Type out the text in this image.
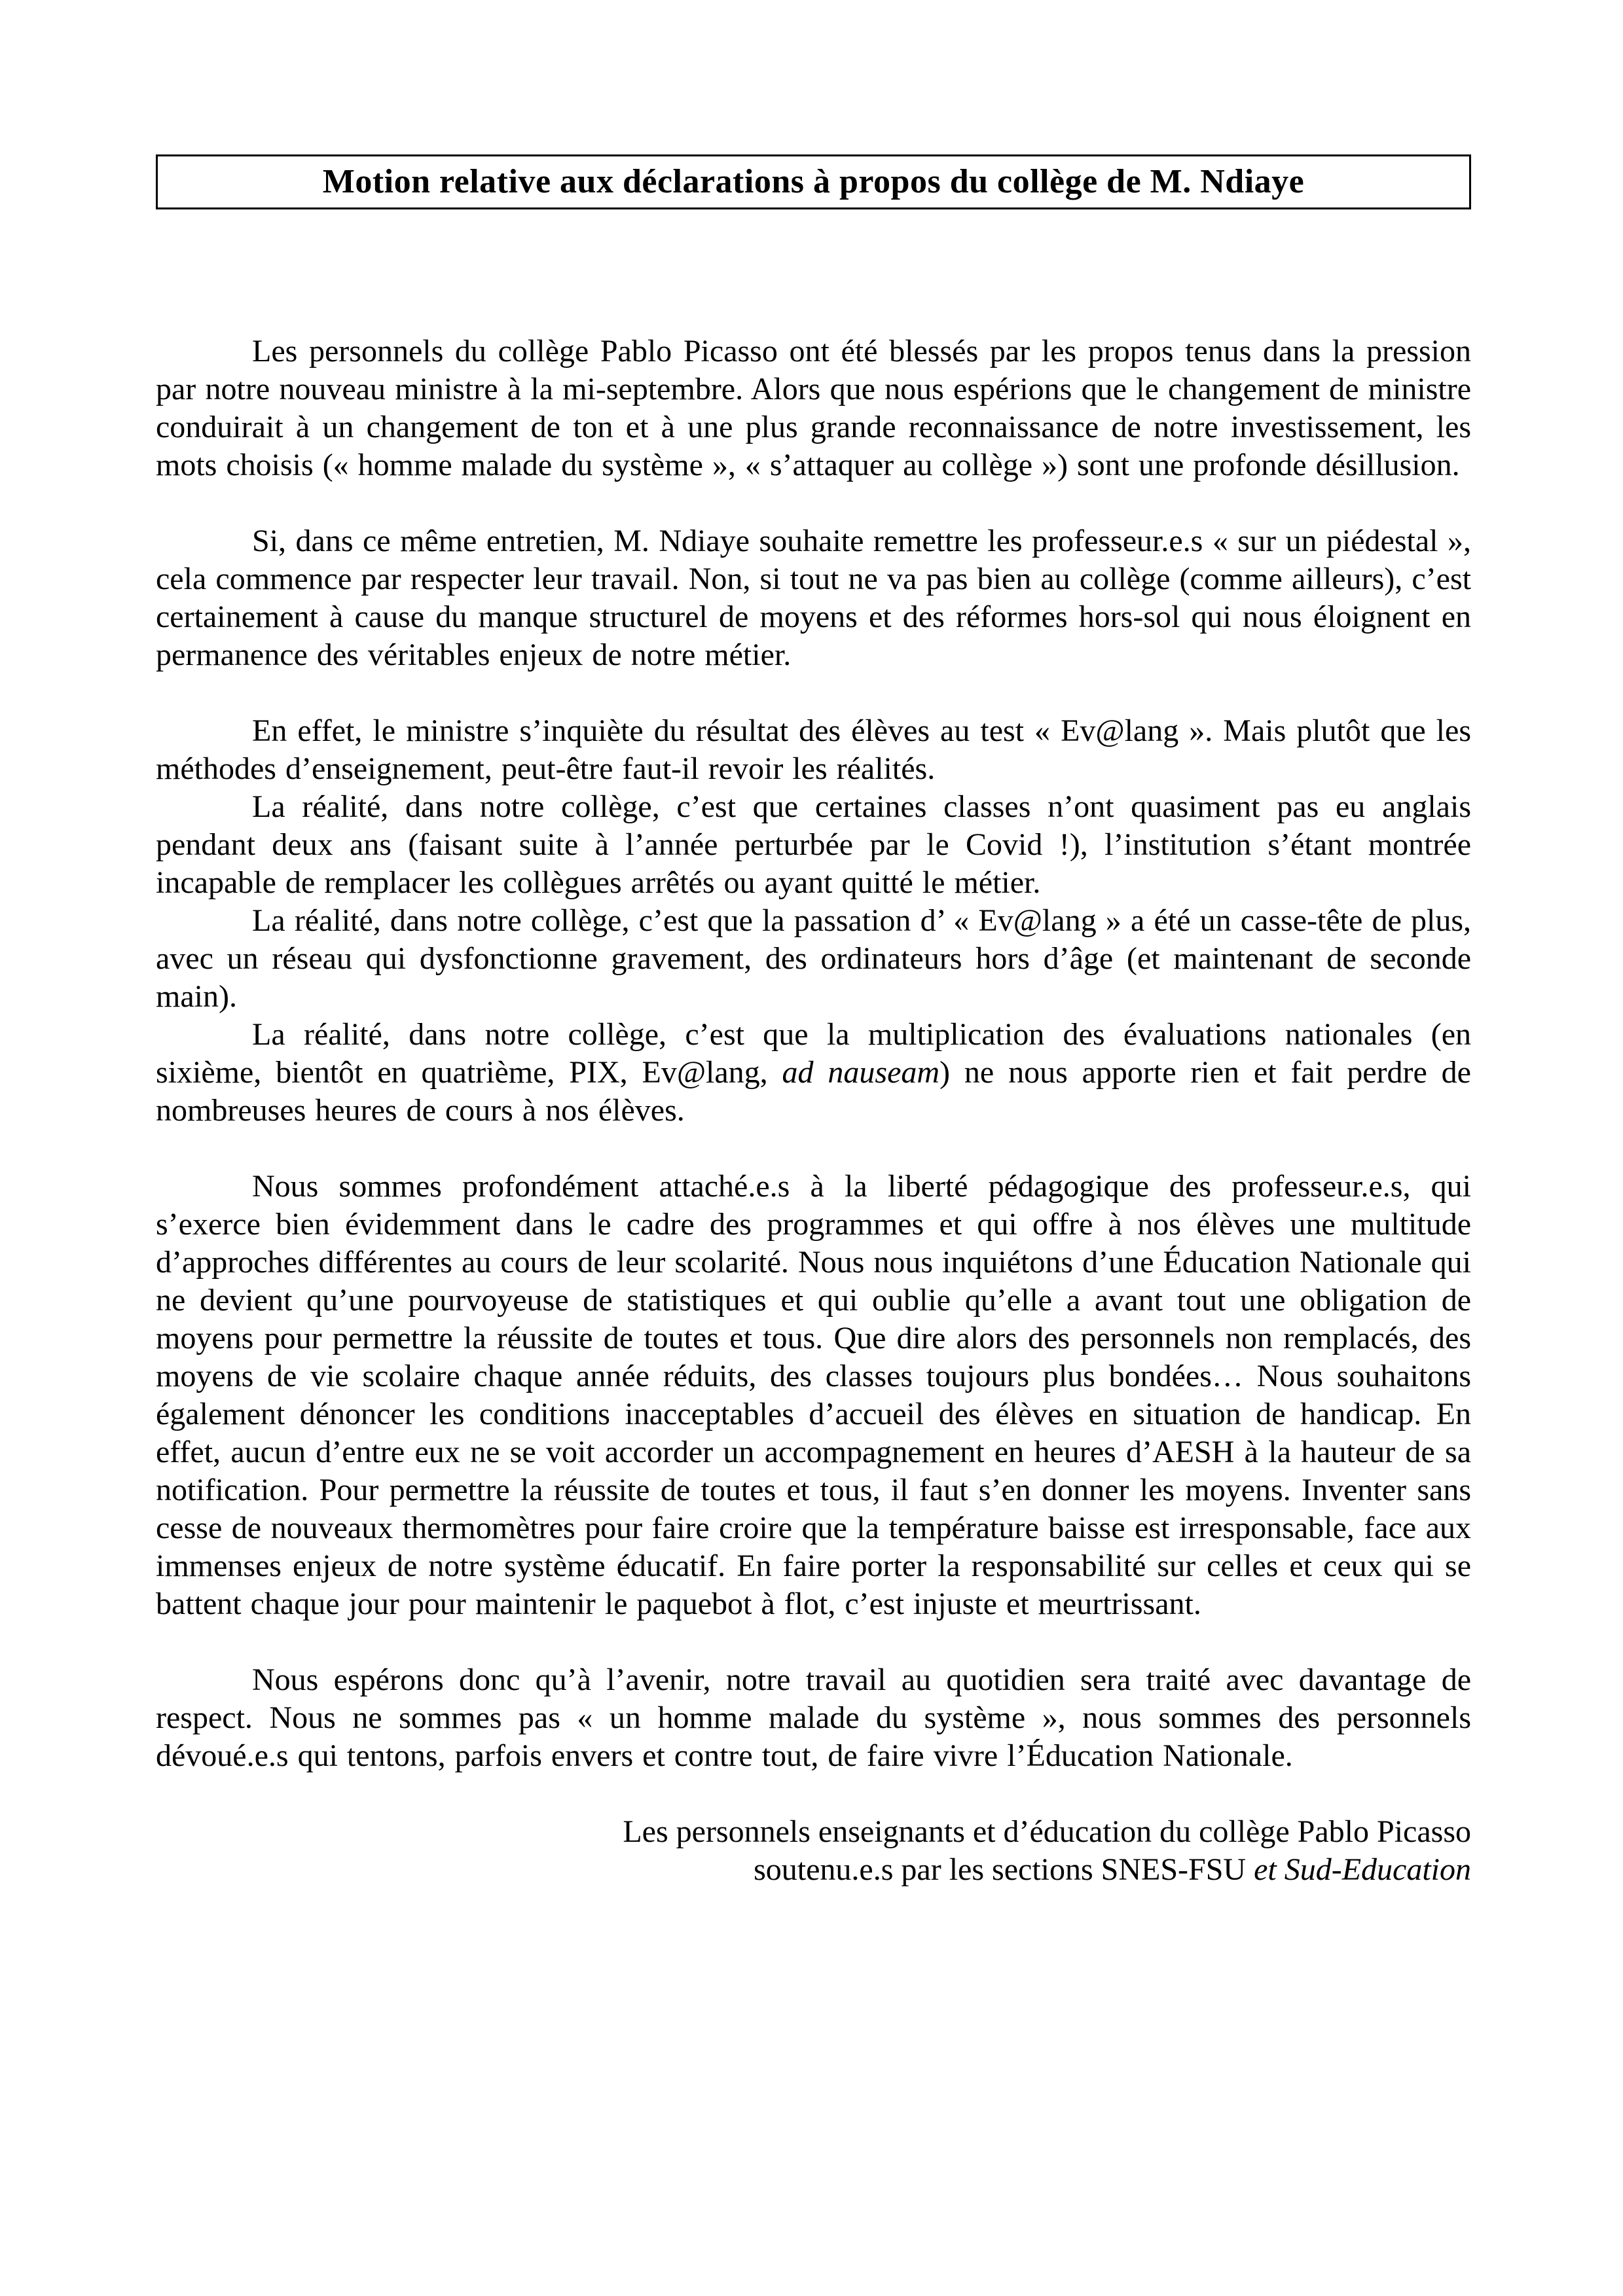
Motion relative aux déclarations à propos du collège de M. Ndiaye

Les personnels du collège Pablo Picasso ont été blessés par les propos tenus dans la pression par notre nouveau ministre à la mi-septembre. Alors que nous espérions que le changement de ministre conduirait à un changement de ton et à une plus grande reconnaissance de notre investissement, les mots choisis (« homme malade du système », « s’attaquer au collège ») sont une profonde désillusion.

Si, dans ce même entretien, M. Ndiaye souhaite remettre les professeur.e.s « sur un piédestal », cela commence par respecter leur travail. Non, si tout ne va pas bien au collège (comme ailleurs), c’est certainement à cause du manque structurel de moyens et des réformes hors-sol qui nous éloignent en permanence des véritables enjeux de notre métier.

En effet, le ministre s’inquiète du résultat des élèves au test « Ev@lang ». Mais plutôt que les méthodes d’enseignement, peut-être faut-il revoir les réalités.

La réalité, dans notre collège, c’est que certaines classes n’ont quasiment pas eu anglais pendant deux ans (faisant suite à l’année perturbée par le Covid !), l’institution s’étant montrée incapable de remplacer les collègues arrêtés ou ayant quitté le métier.

La réalité, dans notre collège, c’est que la passation d’ « Ev@lang » a été un casse-tête de plus, avec un réseau qui dysfonctionne gravement, des ordinateurs hors d’âge (et maintenant de seconde main).

La réalité, dans notre collège, c’est que la multiplication des évaluations nationales (en sixième, bientôt en quatrième, PIX, Ev@lang, ad nauseam) ne nous apporte rien et fait perdre de nombreuses heures de cours à nos élèves.

Nous sommes profondément attaché.e.s à la liberté pédagogique des professeur.e.s, qui s’exerce bien évidemment dans le cadre des programmes et qui offre à nos élèves une multitude d’approches différentes au cours de leur scolarité. Nous nous inquiétons d’une Éducation Nationale qui ne devient qu’une pourvoyeuse de statistiques et qui oublie qu’elle a avant tout une obligation de moyens pour permettre la réussite de toutes et tous. Que dire alors des personnels non remplacés, des moyens de vie scolaire chaque année réduits, des classes toujours plus bondées… Nous souhaitons également dénoncer les conditions inacceptables d’accueil des élèves en situation de handicap. En effet, aucun d’entre eux ne se voit accorder un accompagnement en heures d’AESH à la hauteur de sa notification. Pour permettre la réussite de toutes et tous, il faut s’en donner les moyens. Inventer sans cesse de nouveaux thermomètres pour faire croire que la température baisse est irresponsable, face aux immenses enjeux de notre système éducatif. En faire porter la responsabilité sur celles et ceux qui se battent chaque jour pour maintenir le paquebot à flot, c’est injuste et meurtrissant.

Nous espérons donc qu’à l’avenir, notre travail au quotidien sera traité avec davantage de respect. Nous ne sommes pas « un homme malade du système », nous sommes des personnels dévoué.e.s qui tentons, parfois envers et contre tout, de faire vivre l’Éducation Nationale.

Les personnels enseignants et d’éducation du collège Pablo Picasso

soutenu.e.s par les sections SNES-FSU et Sud-Education
